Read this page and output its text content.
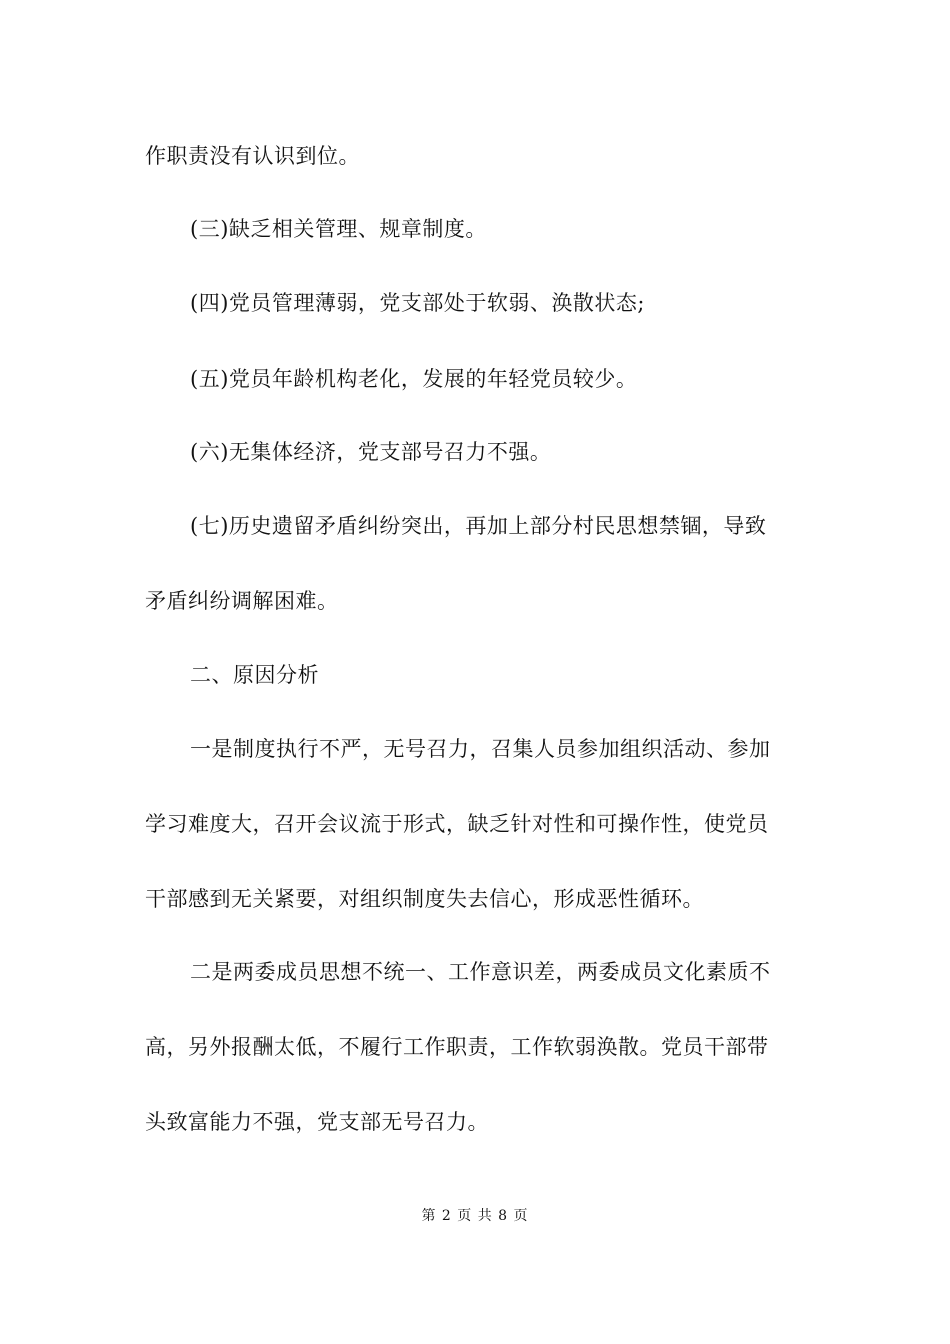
作职责没有认识到位。
(三)缺乏相关管理、规章制度。
(四)党员管理薄弱，党支部处于软弱、涣散状态;
(五)党员年龄机构老化，发展的年轻党员较少。
(六)无集体经济，党支部号召力不强。
(七)历史遗留矛盾纠纷突出，再加上部分村民思想禁锢，导致
矛盾纠纷调解困难。
二、原因分析
一是制度执行不严，无号召力，召集人员参加组织活动、参加
学习难度大，召开会议流于形式，缺乏针对性和可操作性，使党员
干部感到无关紧要，对组织制度失去信心，形成恶性循环。
二是两委成员思想不统一、工作意识差，两委成员文化素质不
高，另外报酬太低，不履行工作职责，工作软弱涣散。党员干部带
头致富能力不强，党支部无号召力。
第 2 页 共 8 页
